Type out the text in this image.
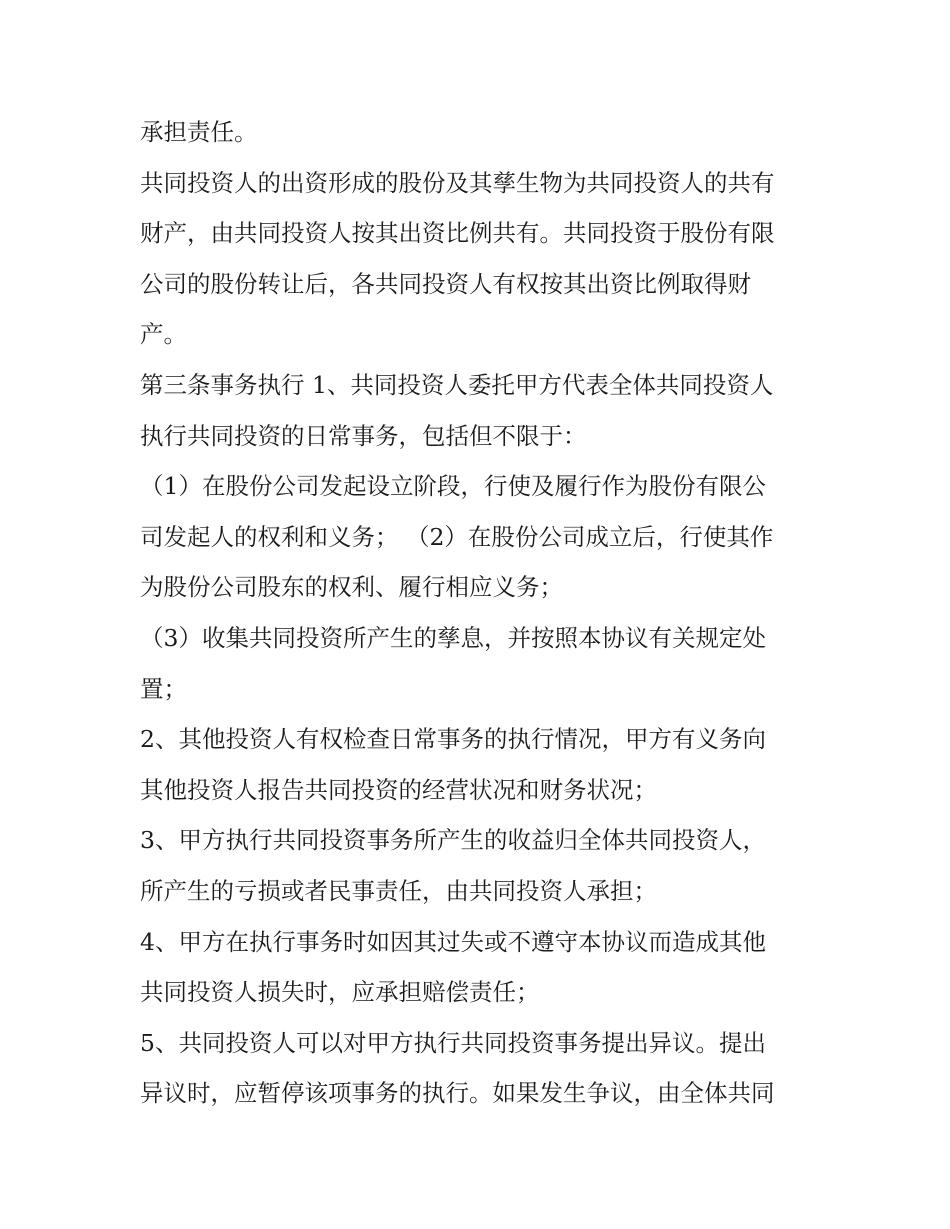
承担责任。
共同投资人的出资形成的股份及其孳生物为共同投资人的共有
财产，由共同投资人按其出资比例共有。共同投资于股份有限
公司的股份转让后，各共同投资人有权按其出资比例取得财
产。
第三条事务执行 1、共同投资人委托甲方代表全体共同投资人
执行共同投资的日常事务，包括但不限于：
（1）在股份公司发起设立阶段，行使及履行作为股份有限公
司发起人的权利和义务； （2）在股份公司成立后，行使其作
为股份公司股东的权利、履行相应义务；
（3）收集共同投资所产生的孳息，并按照本协议有关规定处
置；
2、其他投资人有权检查日常事务的执行情况，甲方有义务向
其他投资人报告共同投资的经营状况和财务状况；
3、甲方执行共同投资事务所产生的收益归全体共同投资人，
所产生的亏损或者民事责任，由共同投资人承担；
4、甲方在执行事务时如因其过失或不遵守本协议而造成其他
共同投资人损失时，应承担赔偿责任；
5、共同投资人可以对甲方执行共同投资事务提出异议。提出
异议时，应暂停该项事务的执行。如果发生争议，由全体共同
